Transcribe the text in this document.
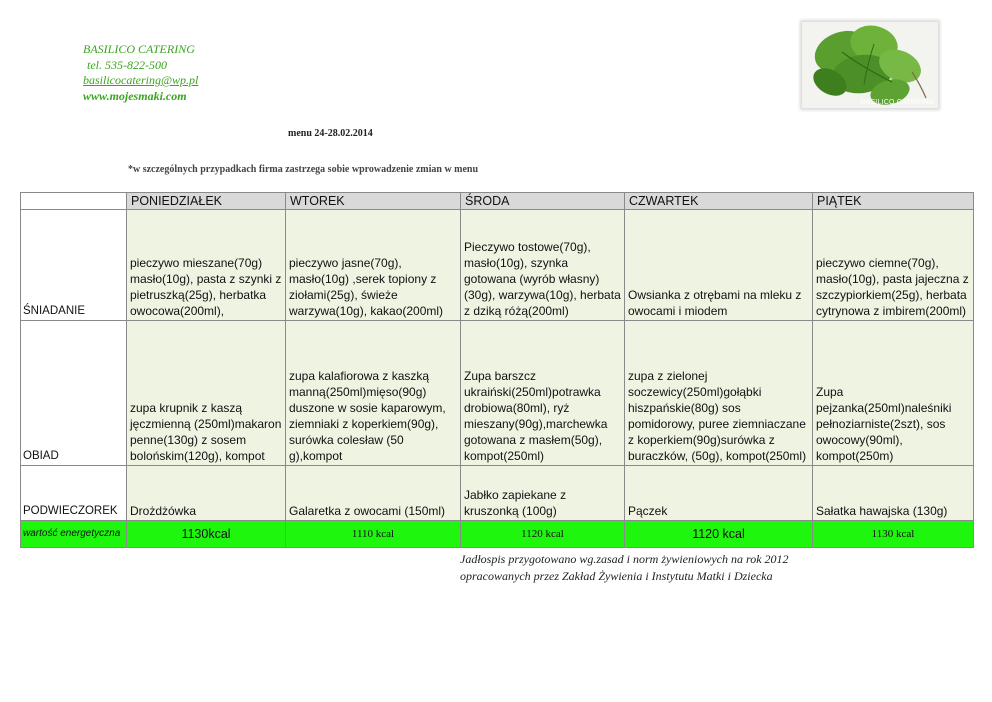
BASILICO CATERING
tel. 535-822-500
basilicocatering@wp.pl
www.mojesmaki.com	BASILICO CATERING
menu 24-28.02.2014
*w szczególnych przypadkach firma zastrzega sobie wprowadzenie zmian w menu
	PONIEDZIAŁEK	WTOREK	ŚRODA	CZWARTEK	PIĄTEK
ŚNIADANIE	pieczywo mieszane(70g) masło(10g), pasta z szynki z pietruszką(25g), herbatka owocowa(200ml),	pieczywo jasne(70g), masło(10g) ,serek topiony z ziołami(25g), świeże warzywa(10g), kakao(200ml)	Pieczywo tostowe(70g), masło(10g), szynka gotowana (wyrób własny)(30g), warzywa(10g), herbata z dziką różą(200ml)	Owsianka z otrębami na mleku z owocami i miodem	pieczywo ciemne(70g), masło(10g), pasta jajeczna z szczypiorkiem(25g), herbata cytrynowa z imbirem(200ml)
OBIAD	zupa krupnik z kaszą jęczmienną (250ml)makaron penne(130g) z sosem bolońskim(120g), kompot	zupa kalafiorowa z kaszką manną(250ml)mięso(90g) duszone w sosie kaparowym, ziemniaki z koperkiem(90g), surówka colesław (50 g),kompot	Zupa barszcz ukraiński(250ml)potrawka drobiowa(80ml), ryż mieszany(90g),marchewka gotowana z masłem(50g), kompot(250ml)	zupa z zielonej soczewicy(250ml)gołąbki hiszpańskie(80g) sos pomidorowy, puree ziemniaczane z koperkiem(90g)surówka z buraczków, (50g), kompot(250ml)	Zupa pejzanka(250ml)naleśniki pełnoziarniste(2szt), sos owocowy(90ml), kompot(250m)
PODWIECZOREK	Drożdżówka	Galaretka z owocami (150ml)	Jabłko zapiekane z kruszonką (100g)	Pączek	Sałatka hawajska (130g)
wartość energetyczna	1130kcal	1110 kcal	1120 kcal	1120 kcal	1130 kcal
Jadłospis przygotowano wg.zasad i norm żywieniowych na rok 2012
opracowanych przez Zakład Żywienia i Instytutu Matki i Dziecka
